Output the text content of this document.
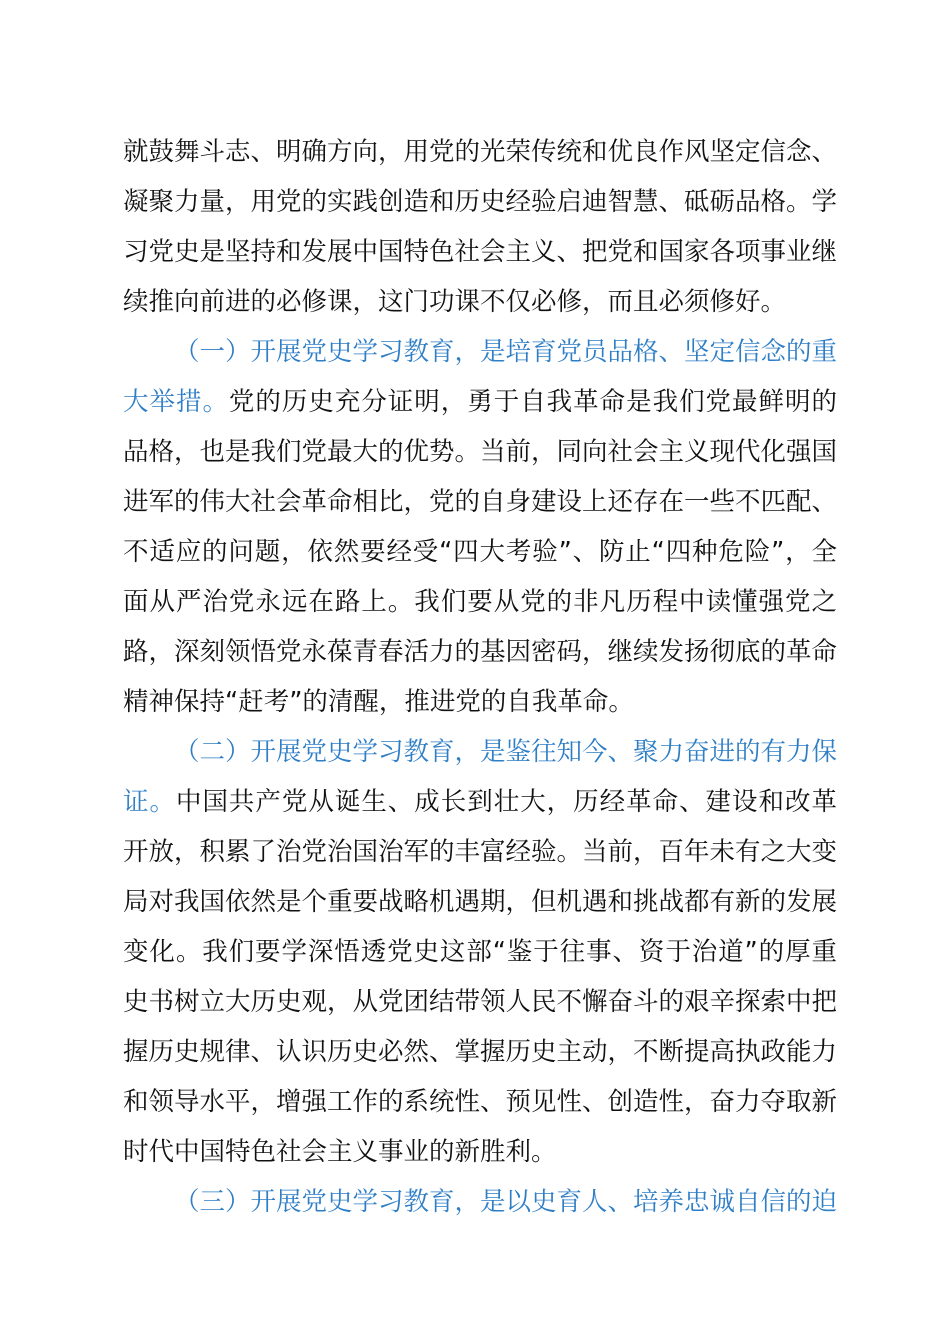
就鼓舞斗志、明确方向，用党的光荣传统和优良作风坚定信念、凝聚力量，用党的实践创造和历史经验启迪智慧、砥砺品格。学习党史是坚持和发展中国特色社会主义、把党和国家各项事业继续推向前进的必修课，这门功课不仅必修，而且必须修好。

（一）开展党史学习教育，是培育党员品格、坚定信念的重大举措。党的历史充分证明，勇于自我革命是我们党最鲜明的品格，也是我们党最大的优势。当前，同向社会主义现代化强国进军的伟大社会革命相比，党的自身建设上还存在一些不匹配、不适应的问题，依然要经受“四大考验”、防止“四种危险”，全面从严治党永远在路上。我们要从党的非凡历程中读懂强党之路，深刻领悟党永葆青春活力的基因密码，继续发扬彻底的革命精神保持“赶考”的清醒，推进党的自我革命。

（二）开展党史学习教育，是鉴往知今、聚力奋进的有力保证。中国共产党从诞生、成长到壮大，历经革命、建设和改革开放，积累了治党治国治军的丰富经验。当前，百年未有之大变局对我国依然是个重要战略机遇期，但机遇和挑战都有新的发展变化。我们要学深悟透党史这部“鉴于往事、资于治道”的厚重史书树立大历史观，从党团结带领人民不懈奋斗的艰辛探索中把握历史规律、认识历史必然、掌握历史主动，不断提高执政能力和领导水平，增强工作的系统性、预见性、创造性，奋力夺取新时代中国特色社会主义事业的新胜利。

（三）开展党史学习教育，是以史育人、培养忠诚自信的迫
